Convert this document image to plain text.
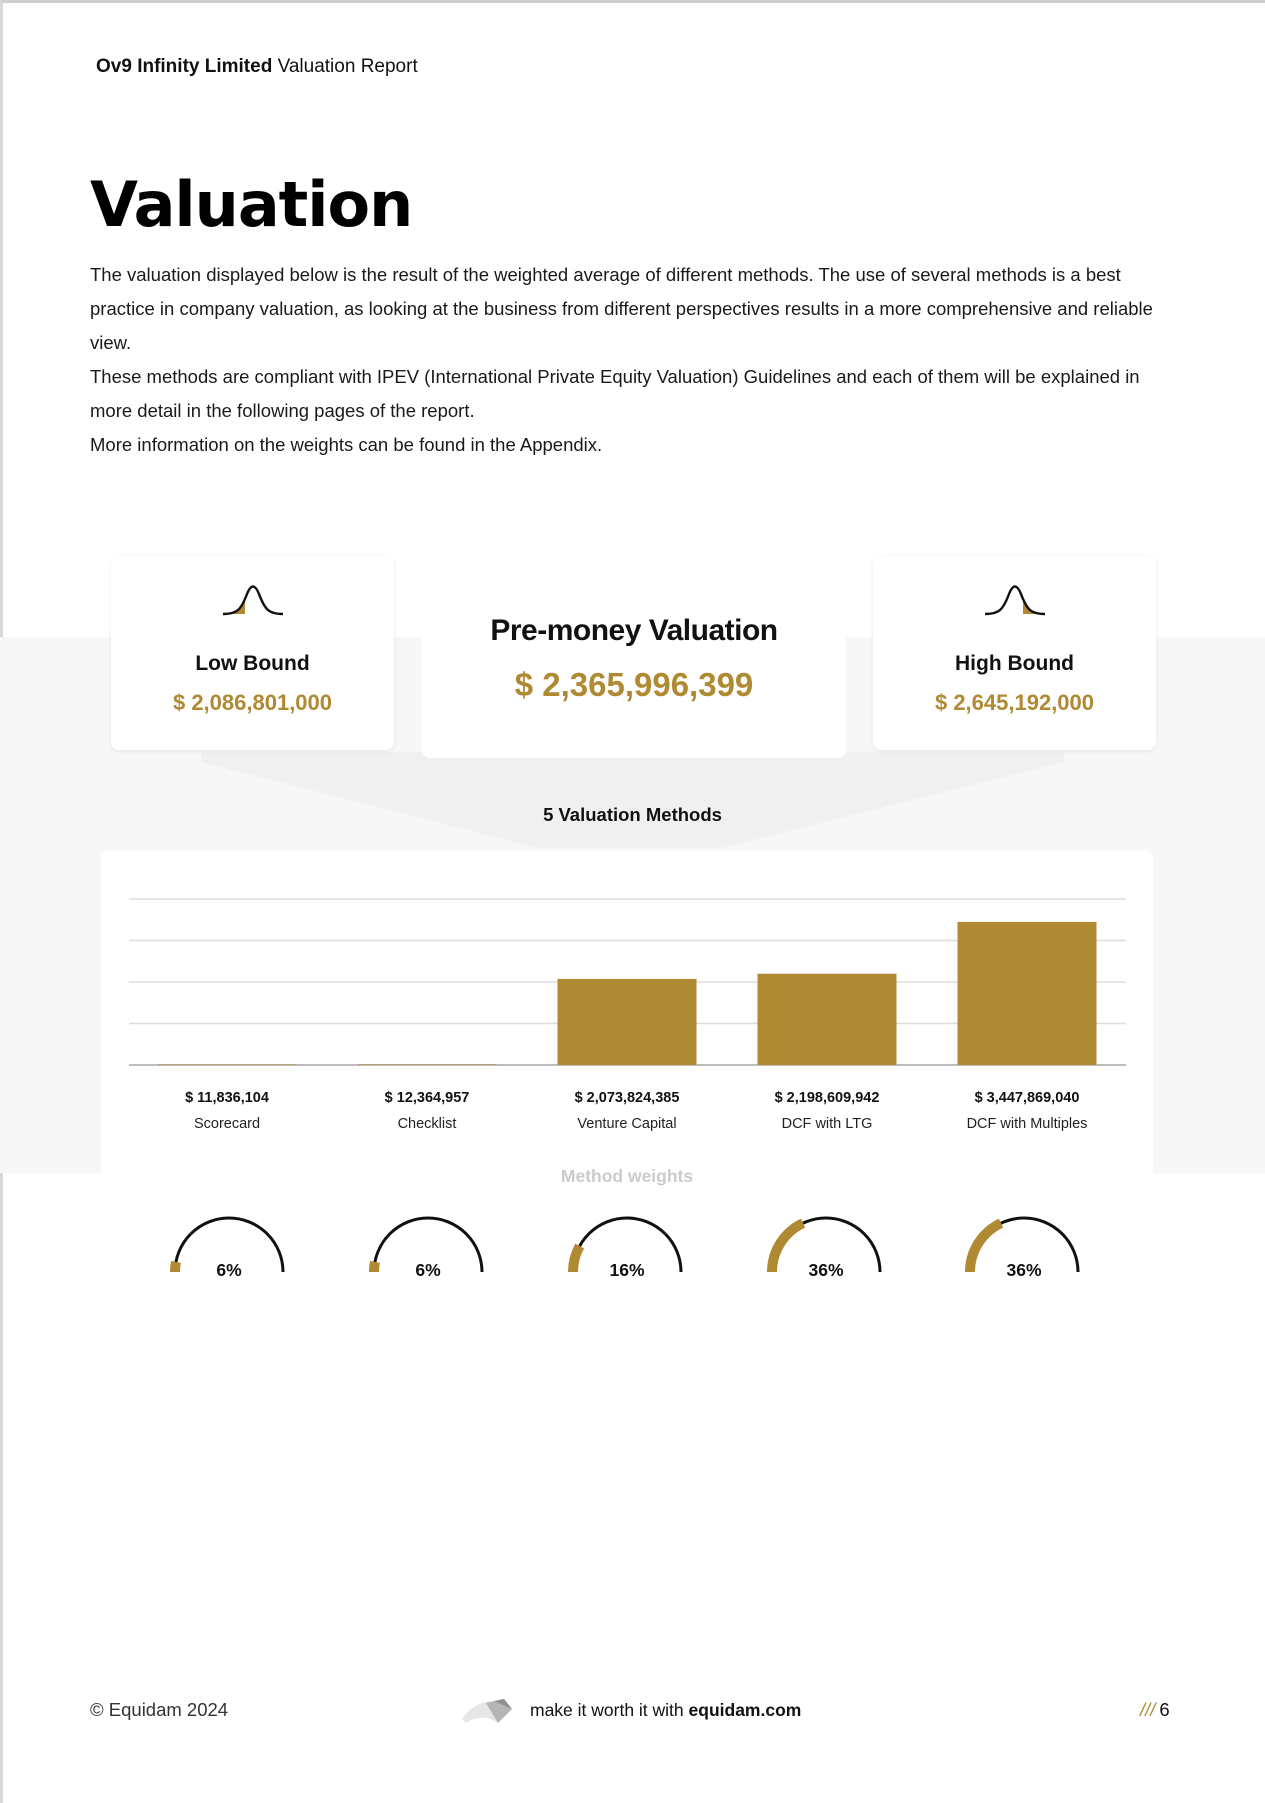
Ov9 Infinity Limited Valuation Report
Valuation

The valuation displayed below is the result of the weighted average of different methods. The use of several methods is a best practice in company valuation, as looking at the business from different perspectives results in a more comprehensive and reliable view.

These methods are compliant with IPEV (International Private Equity Valuation) Guidelines and each of them will be explained in more detail in the following pages of the report.

More information on the weights can be found in the Appendix.

Low Bound
$ 2,086,801,000
Pre-money Valuation
$ 2,365,996,399
High Bound
$ 2,645,192,000
5 Valuation Methods
$ 11,836,104
Scorecard
$ 12,364,957
Checklist
$ 2,073,824,385
Venture Capital
$ 2,198,609,942
DCF with LTG
$ 3,447,869,040
DCF with Multiples
Method weights
6%	6%	16%	36%	36%
© Equidam 2024	make it worth it with equidam.com	/// 6
